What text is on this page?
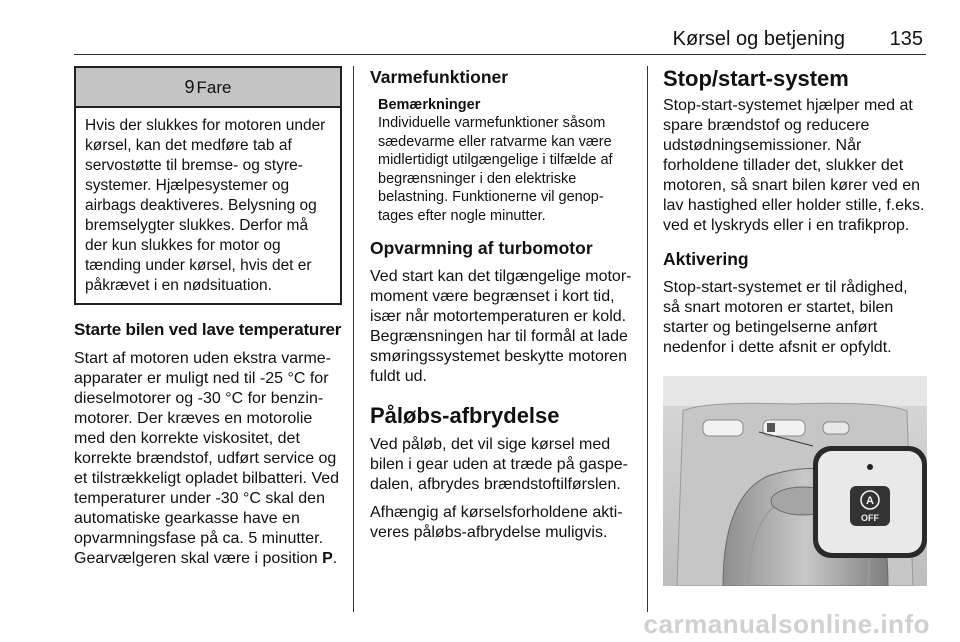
Kørsel og betjening 135
9 Fare
Hvis der slukkes for motoren under kørsel, kan det medføre tab af servostøtte til bremse- og styresystemer. Hjælpesystemer og airbags deaktiveres. Belysning og bremselygter slukkes. Derfor må der kun slukkes for motor og tænding under kørsel, hvis det er påkrævet i en nødsituation.
Starte bilen ved lave temperaturer

Start af motoren uden ekstra varmeapparater er muligt ned til -25 °C for dieselmotorer og -30 °C for benzinmotorer. Der kræves en motorolie med den korrekte viskositet, det korrekte brændstof, udført service og et tilstrækkeligt opladet bilbatteri. Ved temperaturer under -30 °C skal den automatiske gearkasse have en opvarmningsfase på ca. 5 minutter. Gearvælgeren skal være i position P.

Varmefunktioner

Bemærkninger

Individuelle varmefunktioner såsom sædevarme eller ratvarme kan være midlertidigt utilgængelige i tilfælde af begrænsninger i den elektriske belastning. Funktionerne vil genoptages efter nogle minutter.

Opvarmning af turbomotor

Ved start kan det tilgængelige motormoment være begrænset i kort tid, især når motortemperaturen er kold. Begrænsningen har til formål at lade smøringssystemet beskytte motoren fuldt ud.

Påløbs-afbrydelse

Ved påløb, det vil sige kørsel med bilen i gear uden at træde på gaspedalen, afbrydes brændstoftilførslen.

Afhængig af kørselsforholdene aktiveres påløbs-afbrydelse muligvis.

Stop/start-system

Stop-start-systemet hjælper med at spare brændstof og reducere udstødningsemissioner. Når forholdene tillader det, slukker det motoren, så snart bilen kører ved en lav hastighed eller holder stille, f.eks. ved et lyskryds eller i en trafikprop.

Aktivering

Stop-start-systemet er til rådighed, så snart motoren er startet, bilen starter og betingelserne anført nedenfor i dette afsnit er opfyldt.

A
OFF
carmanualsonline.info
